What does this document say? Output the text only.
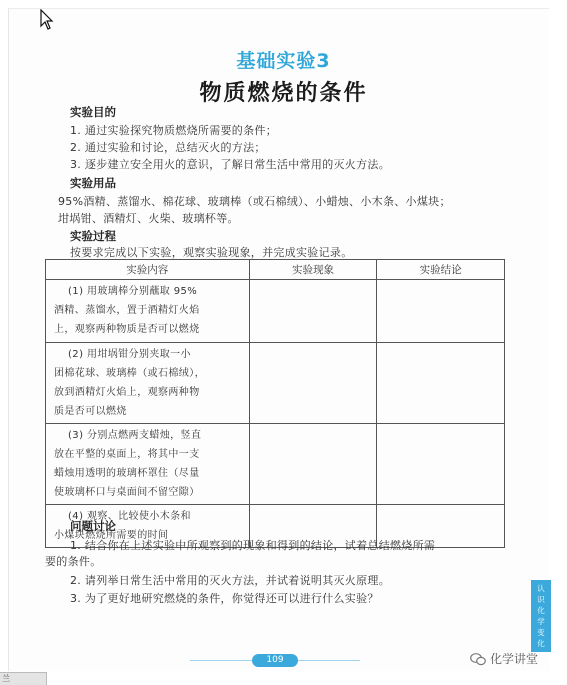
基础实验3
物质燃烧的条件
实验目的
1. 通过实验探究物质燃烧所需要的条件；
2. 通过实验和讨论，总结灭火的方法；
3. 逐步建立安全用火的意识，了解日常生活中常用的灭火方法。
实验用品
95%酒精、蒸馏水、棉花球、玻璃棒（或石棉绒）、小蜡烛、小木条、小煤块；
坩埚钳、酒精灯、火柴、玻璃杯等。
实验过程
按要求完成以下实验，观察实验现象，并完成实验记录。
实验内容	实验现象	实验结论

(1) 用玻璃棒分别蘸取 95%
酒精、蒸馏水，置于酒精灯火焰
上，观察两种物质是否可以燃烧		

(2) 用坩埚钳分别夹取一小
团棉花球、玻璃棒（或石棉绒），
放到酒精灯火焰上，观察两种物
质是否可以燃烧		

(3) 分别点燃两支蜡烛，竖直
放在平整的桌面上，将其中一支
蜡烛用透明的玻璃杯罩住（尽量
使玻璃杯口与桌面间不留空隙）		

(4) 观察、比较使小木条和
小煤块燃烧所需要的时间		

问题讨论
1. 结合你在上述实验中所观察到的现象和得到的结论，试着总结燃烧所需
要的条件。
2. 请列举日常生活中常用的灭火方法，并试着说明其灭火原理。
3. 为了更好地研究燃烧的条件，你觉得还可以进行什么实验？
认
识
化
学
变
化
109	化学讲堂
兰
